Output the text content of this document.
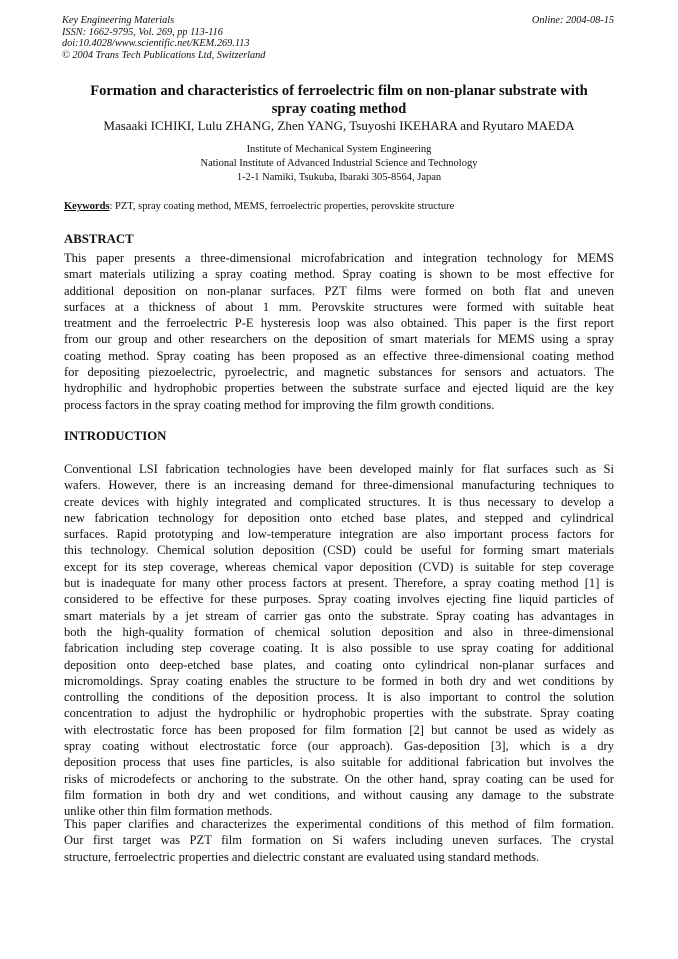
Key Engineering Materials
ISSN: 1662-9795, Vol. 269, pp 113-116
doi:10.4028/www.scientific.net/KEM.269.113
© 2004 Trans Tech Publications Ltd, Switzerland
Online: 2004-08-15
Formation and characteristics of ferroelectric film on non-planar substrate with
spray coating method
Masaaki ICHIKI, Lulu ZHANG, Zhen YANG, Tsuyoshi IKEHARA and Ryutaro MAEDA
Institute of Mechanical System Engineering
National Institute of Advanced Industrial Science and Technology
1-2-1 Namiki, Tsukuba, Ibaraki 305-8564, Japan
Keywords: PZT, spray coating method, MEMS, ferroelectric properties, perovskite structure
ABSTRACT
This paper presents a three-dimensional microfabrication and integration technology for MEMS
smart materials utilizing a spray coating method. Spray coating is shown to be most effective for
additional deposition on non-planar surfaces. PZT films were formed on both flat and uneven
surfaces at a thickness of about 1 mm. Perovskite structures were formed with suitable heat
treatment and the ferroelectric P-E hysteresis loop was also obtained. This paper is the first report
from our group and other researchers on the deposition of smart materials for MEMS using a spray
coating method. Spray coating has been proposed as an effective three-dimensional coating method
for depositing piezoelectric, pyroelectric, and magnetic substances for sensors and actuators. The
hydrophilic and hydrophobic properties between the substrate surface and ejected liquid are the key
process factors in the spray coating method for improving the film growth conditions.
INTRODUCTION
Conventional LSI fabrication technologies have been developed mainly for flat surfaces such as Si
wafers. However, there is an increasing demand for three-dimensional manufacturing techniques to
create devices with highly integrated and complicated structures. It is thus necessary to develop a
new fabrication technology for deposition onto etched base plates, and stepped and cylindrical
surfaces. Rapid prototyping and low-temperature integration are also important process factors for
this technology. Chemical solution deposition (CSD) could be useful for forming smart materials
except for its step coverage, whereas chemical vapor deposition (CVD) is suitable for step coverage
but is inadequate for many other process factors at present. Therefore, a spray coating method [1] is
considered to be effective for these purposes. Spray coating involves ejecting fine liquid particles of
smart materials by a jet stream of carrier gas onto the substrate. Spray coating has advantages in
both the high-quality formation of chemical solution deposition and also in three-dimensional
fabrication including step coverage coating. It is also possible to use spray coating for additional
deposition onto deep-etched base plates, and coating onto cylindrical non-planar surfaces and
micromoldings. Spray coating enables the structure to be formed in both dry and wet conditions by
controlling the conditions of the deposition process. It is also important to control the solution
concentration to adjust the hydrophilic or hydrophobic properties with the substrate. Spray coating
with electrostatic force has been proposed for film formation [2] but cannot be used as widely as
spray coating without electrostatic force (our approach). Gas-deposition [3], which is a dry
deposition process that uses fine particles, is also suitable for additional fabrication but involves the
risks of microdefects or anchoring to the substrate. On the other hand, spray coating can be used for
film formation in both dry and wet conditions, and without causing any damage to the substrate
unlike other thin film formation methods.
This paper clarifies and characterizes the experimental conditions of this method of film formation.
Our first target was PZT film formation on Si wafers including uneven surfaces. The crystal
structure, ferroelectric properties and dielectric constant are evaluated using standard methods.
